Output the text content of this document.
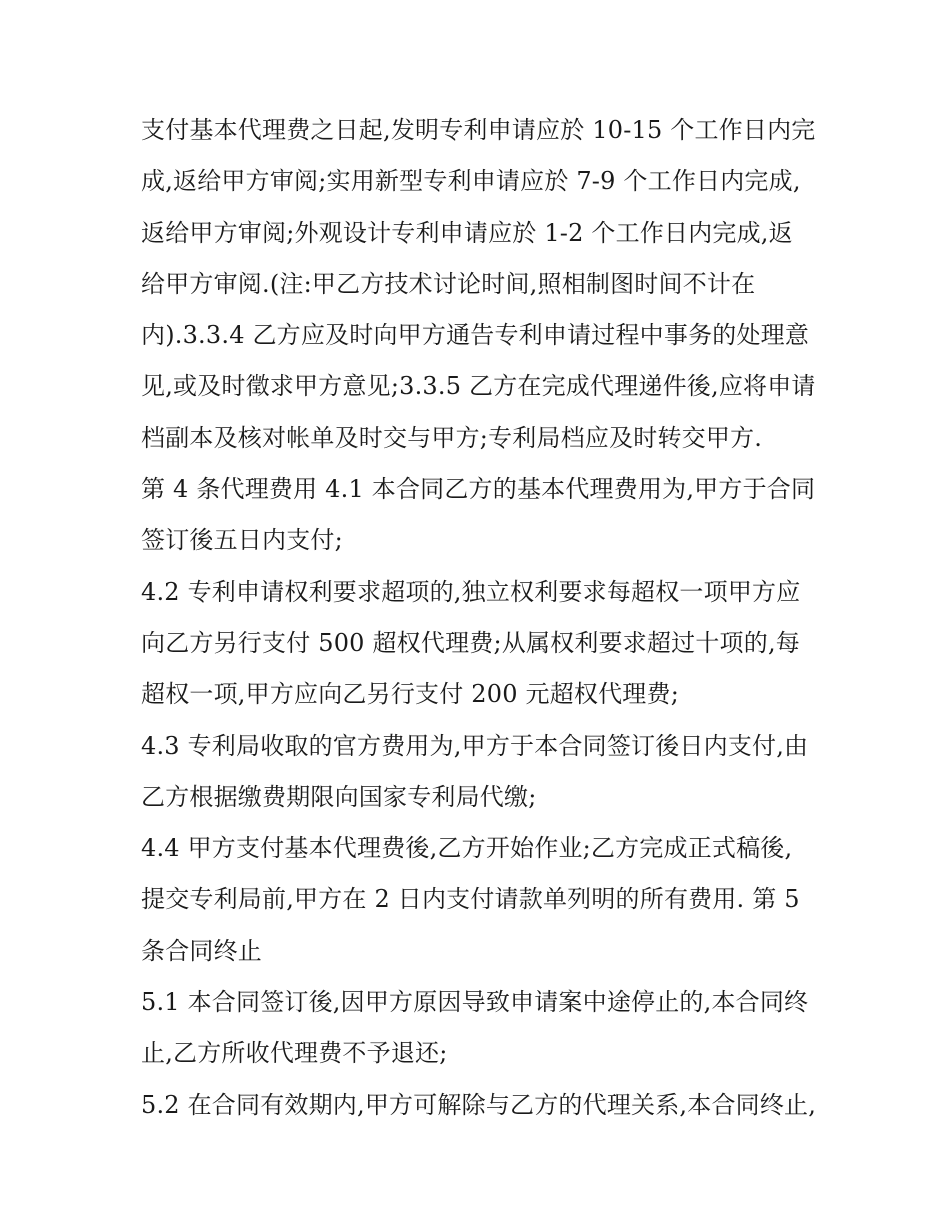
支付基本代理费之日起,发明专利申请应於 10-15 个工作日内完
成,返给甲方审阅;实用新型专利申请应於 7-9 个工作日内完成,
返给甲方审阅;外观设计专利申请应於 1-2 个工作日内完成,返
给甲方审阅.(注:甲乙方技术讨论时间,照相制图时间不计在
内).3.3.4 乙方应及时向甲方通告专利申请过程中事务的处理意
见,或及时徵求甲方意见;3.3.5 乙方在完成代理递件後,应将申请
档副本及核对帐单及时交与甲方;专利局档应及时转交甲方.
第 4 条代理费用 4.1 本合同乙方的基本代理费用为,甲方于合同
签订後五日内支付;
4.2 专利申请权利要求超项的,独立权利要求每超权一项甲方应
向乙方另行支付 500 超权代理费;从属权利要求超过十项的,每
超权一项,甲方应向乙另行支付 200 元超权代理费;
4.3 专利局收取的官方费用为,甲方于本合同签订後日内支付,由
乙方根据缴费期限向国家专利局代缴;
4.4 甲方支付基本代理费後,乙方开始作业;乙方完成正式稿後,
提交专利局前,甲方在 2 日内支付请款单列明的所有费用. 第 5
条合同终止
5.1 本合同签订後,因甲方原因导致申请案中途停止的,本合同终
止,乙方所收代理费不予退还;
5.2 在合同有效期内,甲方可解除与乙方的代理关系,本合同终止,
